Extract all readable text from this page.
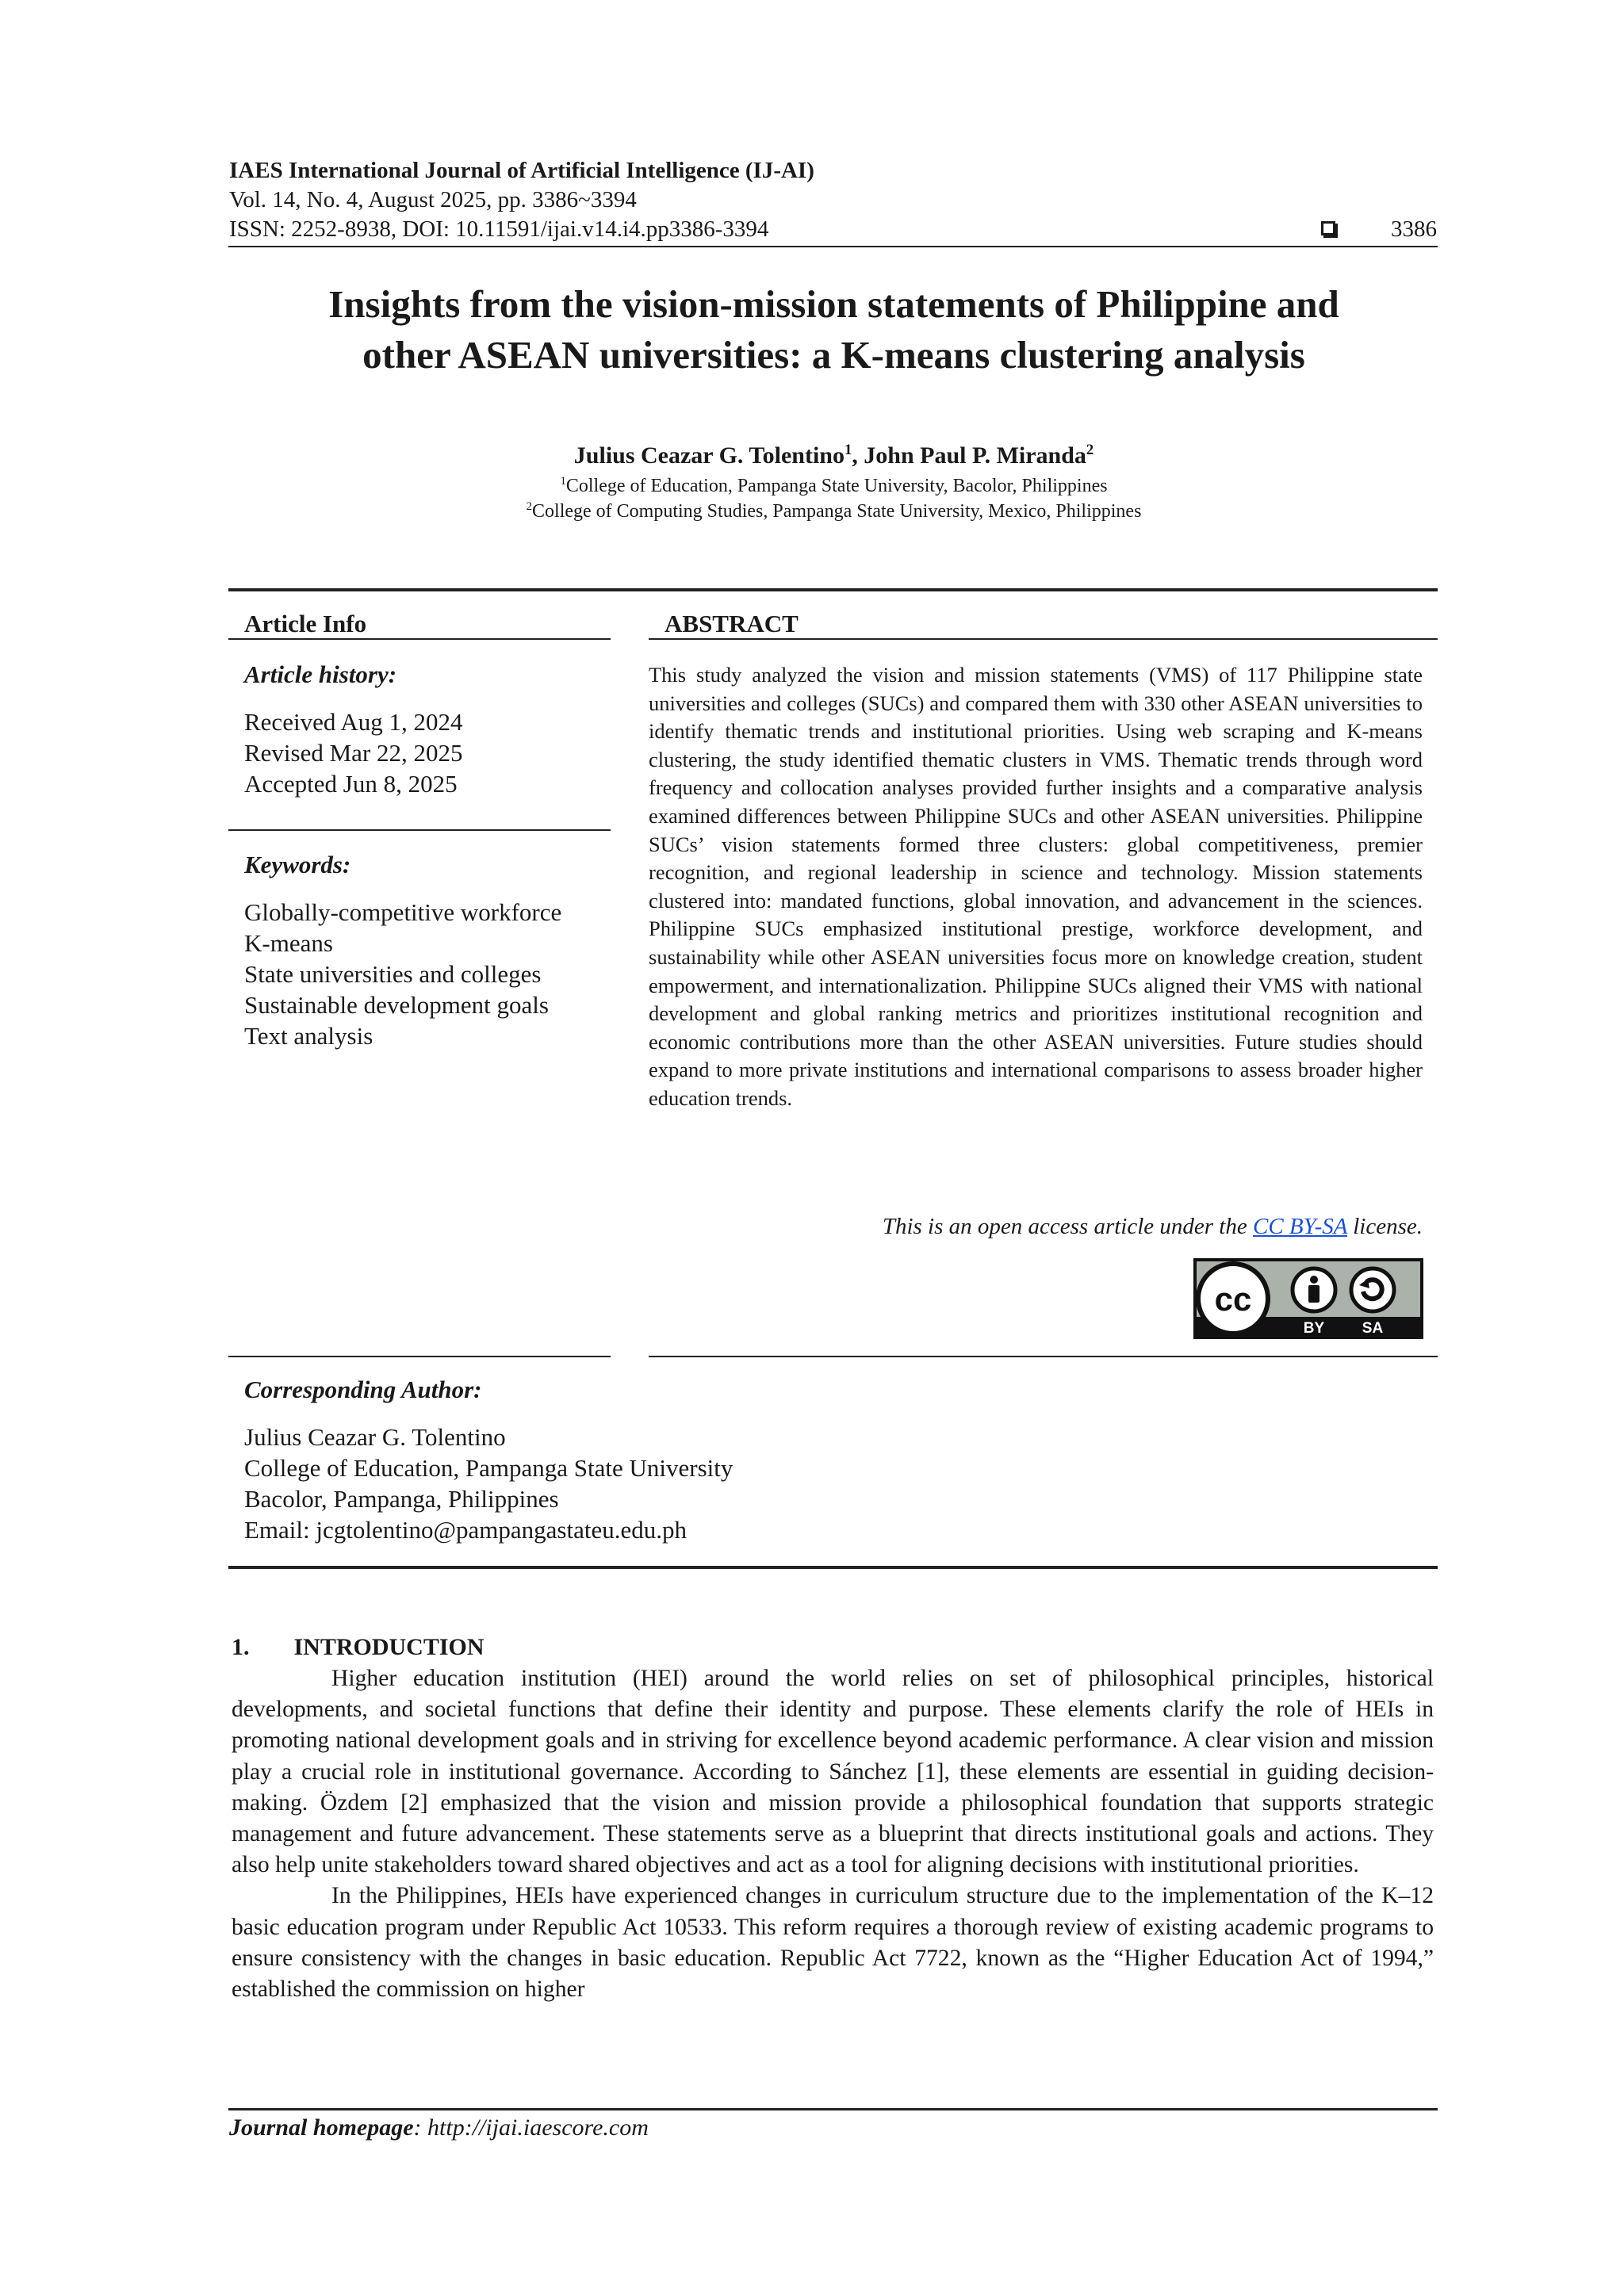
IAES International Journal of Artificial Intelligence (IJ-AI)
Vol. 14, No. 4, August 2025, pp. 3386~3394
ISSN: 2252-8938, DOI: 10.11591/ijai.v14.i4.pp3386-3394	3386
Insights from the vision-mission statements of Philippine and
other ASEAN universities: a K-means clustering analysis
Julius Ceazar G. Tolentino$^1$, John Paul P. Miranda$^2$
$^1$College of Education, Pampanga State University, Bacolor, Philippines
$^2$College of Computing Studies, Pampanga State University, Mexico, Philippines
Article Info
Article history:
Received Aug 1, 2024
Revised Mar 22, 2025
Accepted Jun 8, 2025
Keywords:
Globally-competitive workforce
K-means
State universities and colleges
Sustainable development goals
Text analysis
ABSTRACT
This study analyzed the vision and mission statements (VMS) of 117 Philippine state universities and colleges (SUCs) and compared them with 330 other ASEAN universities to identify thematic trends and institutional priorities. Using web scraping and K-means clustering, the study identified thematic clusters in VMS. Thematic trends through word frequency and collocation analyses provided further insights and a comparative analysis examined differences between Philippine SUCs and other ASEAN universities. Philippine SUCs’ vision statements formed three clusters: global competitiveness, premier recognition, and regional leadership in science and technology. Mission statements clustered into: mandated functions, global innovation, and advancement in the sciences. Philippine SUCs emphasized institutional prestige, workforce development, and sustainability while other ASEAN universities focus more on knowledge creation, student empowerment, and internationalization. Philippine SUCs aligned their VMS with national development and global ranking metrics and prioritizes institutional recognition and economic contributions more than the other ASEAN universities. Future studies should expand to more private institutions and international comparisons to assess broader higher education trends.
This is an open access article under the CC BY-SA license.
cc
BY	SA
Corresponding Author:
Julius Ceazar G. Tolentino
College of Education, Pampanga State University
Bacolor, Pampanga, Philippines
Email: jcgtolentino@pampangastateu.edu.ph
1. INTRODUCTION

Higher education institution (HEI) around the world relies on set of philosophical principles, historical developments, and societal functions that define their identity and purpose. These elements clarify the role of HEIs in promoting national development goals and in striving for excellence beyond academic performance. A clear vision and mission play a crucial role in institutional governance. According to Sánchez [1], these elements are essential in guiding decision-making. Özdem [2] emphasized that the vision and mission provide a philosophical foundation that supports strategic management and future advancement. These statements serve as a blueprint that directs institutional goals and actions. They also help unite stakeholders toward shared objectives and act as a tool for aligning decisions with institutional priorities.

In the Philippines, HEIs have experienced changes in curriculum structure due to the implementation of the K–12 basic education program under Republic Act 10533. This reform requires a thorough review of existing academic programs to ensure consistency with the changes in basic education. Republic Act 7722, known as the “Higher Education Act of 1994,” established the commission on higher

Journal homepage: http://ijai.iaescore.com
